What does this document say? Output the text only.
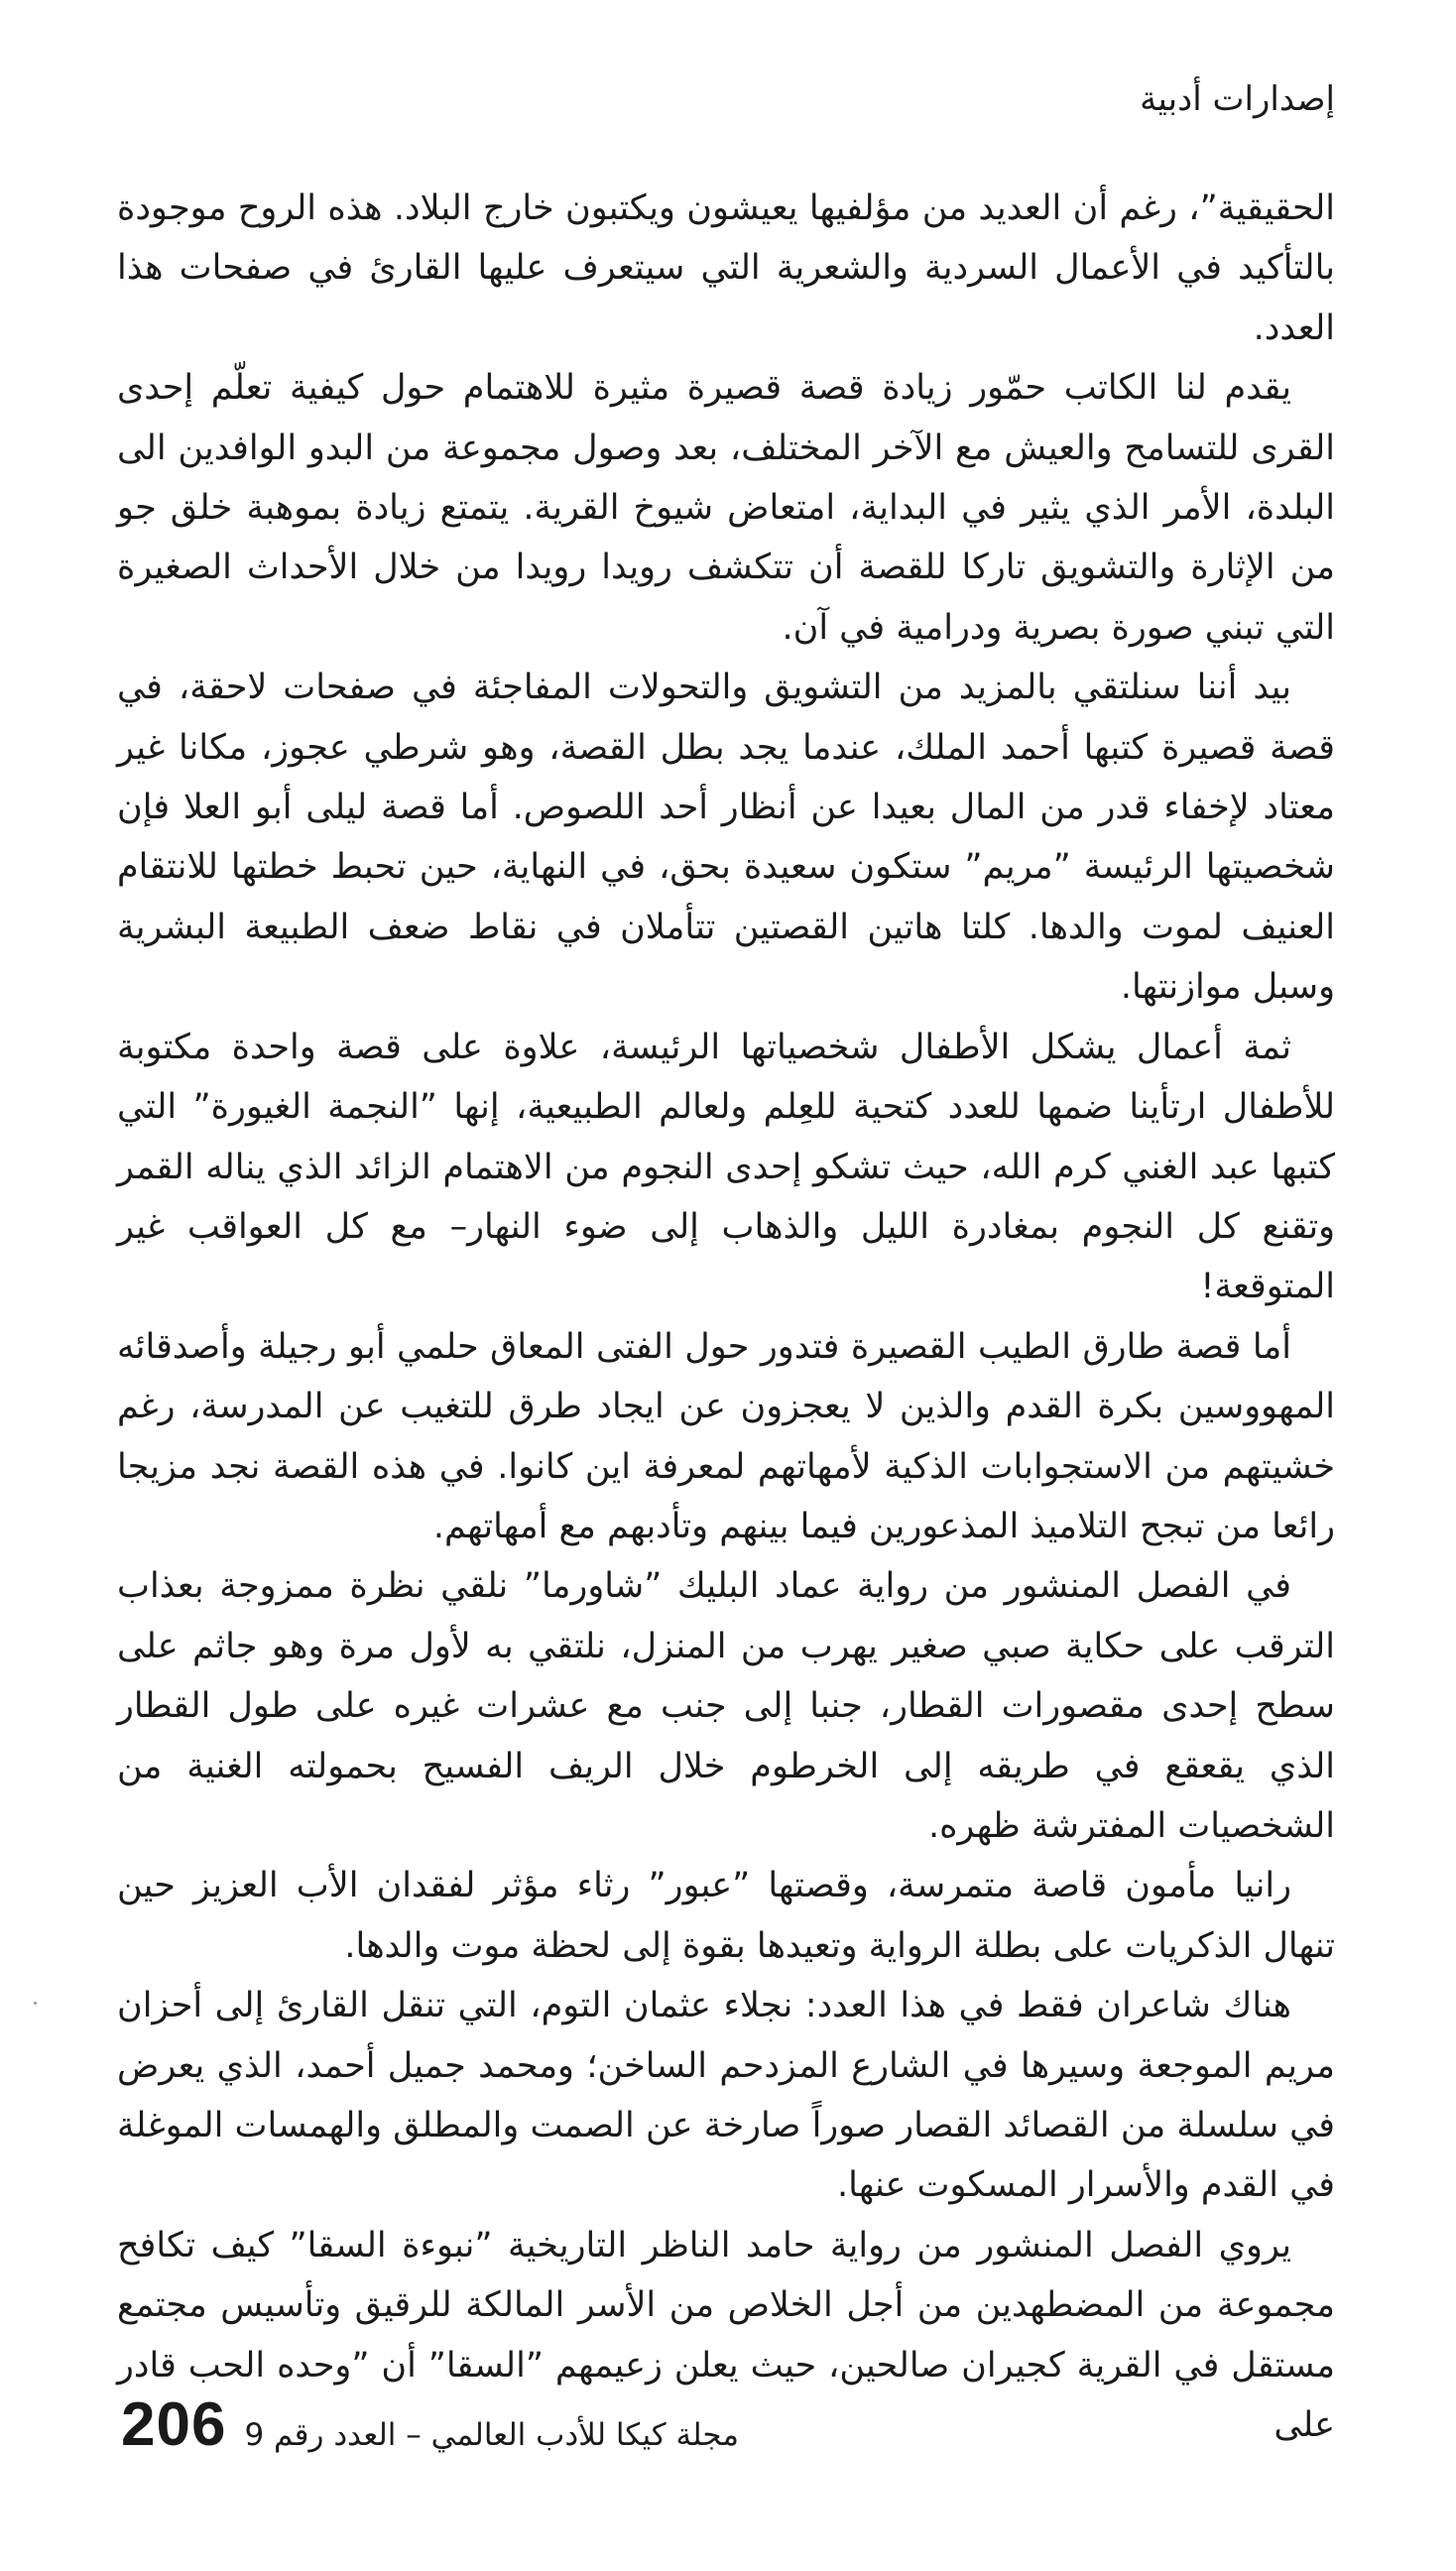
إصدارات أدبية

الحقيقية”، رغم أن العديد من مؤلفيها يعيشون ويكتبون خارج البلاد. هذه الروح موجودة بالتأكيد في الأعمال السردية والشعرية التي سيتعرف عليها القارئ في صفحات هذا العدد.

يقدم لنا الكاتب حمّور زيادة قصة قصيرة مثيرة للاهتمام حول كيفية تعلّم إحدى القرى للتسامح والعيش مع الآخر المختلف، بعد وصول مجموعة من البدو الوافدين الى البلدة، الأمر الذي يثير في البداية، امتعاض شيوخ القرية. يتمتع زيادة بموهبة خلق جو من الإثارة والتشويق تاركا للقصة أن تتكشف رويدا رويدا من خلال الأحداث الصغيرة التي تبني صورة بصرية ودرامية في آن.

بيد أننا سنلتقي بالمزيد من التشويق والتحولات المفاجئة في صفحات لاحقة، في قصة قصيرة كتبها أحمد الملك، عندما يجد بطل القصة، وهو شرطي عجوز، مكانا غير معتاد لإخفاء قدر من المال بعيدا عن أنظار أحد اللصوص. أما قصة ليلى أبو العلا فإن شخصيتها الرئيسة ”مريم” ستكون سعيدة بحق، في النهاية، حين تحبط خطتها للانتقام العنيف لموت والدها. كلتا هاتين القصتين تتأملان في نقاط ضعف الطبيعة البشرية وسبل موازنتها.

ثمة أعمال يشكل الأطفال شخصياتها الرئيسة، علاوة على قصة واحدة مكتوبة للأطفال ارتأينا ضمها للعدد كتحية للعِلم ولعالم الطبيعية، إنها ”النجمة الغيورة” التي كتبها عبد الغني كرم الله، حيث تشكو إحدى النجوم من الاهتمام الزائد الذي يناله القمر وتقنع كل النجوم بمغادرة الليل والذهاب إلى ضوء النهار– مع كل العواقب غير المتوقعة!

أما قصة طارق الطيب القصيرة فتدور حول الفتى المعاق حلمي أبو رجيلة وأصدقائه المهووسين بكرة القدم والذين لا يعجزون عن ايجاد طرق للتغيب عن المدرسة، رغم خشيتهم من الاستجوابات الذكية لأمهاتهم لمعرفة اين كانوا. في هذه القصة نجد مزيجا رائعا من تبجح التلاميذ المذعورين فيما بينهم وتأدبهم مع أمهاتهم.

في الفصل المنشور من رواية عماد البليك ”شاورما” نلقي نظرة ممزوجة بعذاب الترقب على حكاية صبي صغير يهرب من المنزل، نلتقي به لأول مرة وهو جاثم على سطح إحدى مقصورات القطار، جنبا إلى جنب مع عشرات غيره على طول القطار الذي يقعقع في طريقه إلى الخرطوم خلال الريف الفسيح بحمولته الغنية من الشخصيات المفترشة ظهره.

رانيا مأمون قاصة متمرسة، وقصتها ”عبور” رثاء مؤثر لفقدان الأب العزيز حين تنهال الذكريات على بطلة الرواية وتعيدها بقوة إلى لحظة موت والدها.

هناك شاعران فقط في هذا العدد: نجلاء عثمان التوم، التي تنقل القارئ إلى أحزان مريم الموجعة وسيرها في الشارع المزدحم الساخن؛ ومحمد جميل أحمد، الذي يعرض في سلسلة من القصائد القصار صوراً صارخة عن الصمت والمطلق والهمسات الموغلة في القدم والأسرار المسكوت عنها.

يروي الفصل المنشور من رواية حامد الناظر التاريخية ”نبوءة السقا” كيف تكافح مجموعة من المضطهدين من أجل الخلاص من الأسر المالكة للرقيق وتأسيس مجتمع مستقل في القرية كجيران صالحين، حيث يعلن زعيمهم ”السقا” أن ”وحده الحب قادر على

206 مجلة كيكا للأدب العالمي – العدد رقم 9
